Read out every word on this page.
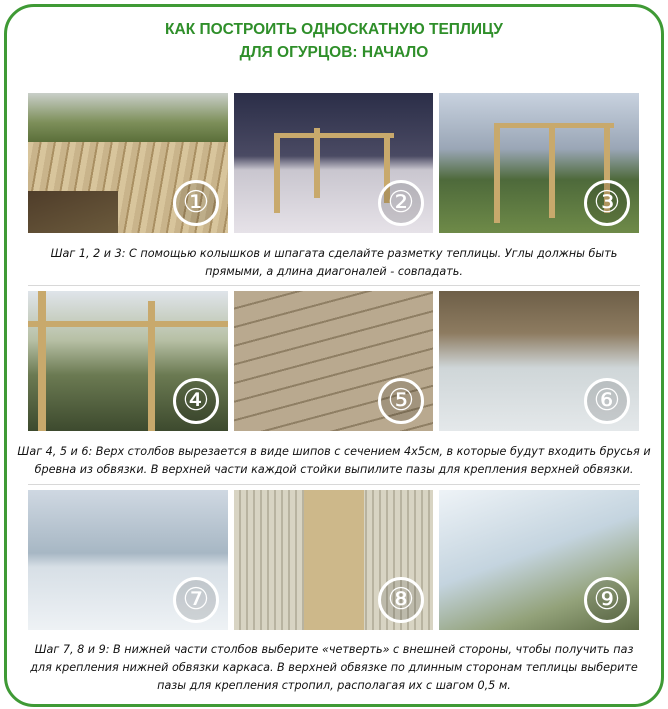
КАК ПОСТРОИТЬ ОДНОСКАТНУЮ ТЕПЛИЦУ
ДЛЯ ОГУРЦОВ: НАЧАЛО
①	②	③
Шаг 1, 2 и 3: С помощью колышков и шпагата сделайте разметку теплицы. Углы должны быть
прямыми, а длина диагоналей - совпадать.
④	⑤	⑥
Шаг 4, 5 и 6: Верх столбов вырезается в виде шипов с сечением 4х5см, в которые будут входить брусья и
бревна из обвязки. В верхней части каждой стойки выпилите пазы для крепления верхней обвязки.
⑦	⑧	⑨
Шаг 7, 8 и 9: В нижней части столбов выберите «четверть» с внешней стороны, чтобы получить паз
для крепления нижней обвязки каркаса. В верхней обвязке по длинным сторонам теплицы выберите
пазы для крепления стропил, располагая их с шагом 0,5 м.
